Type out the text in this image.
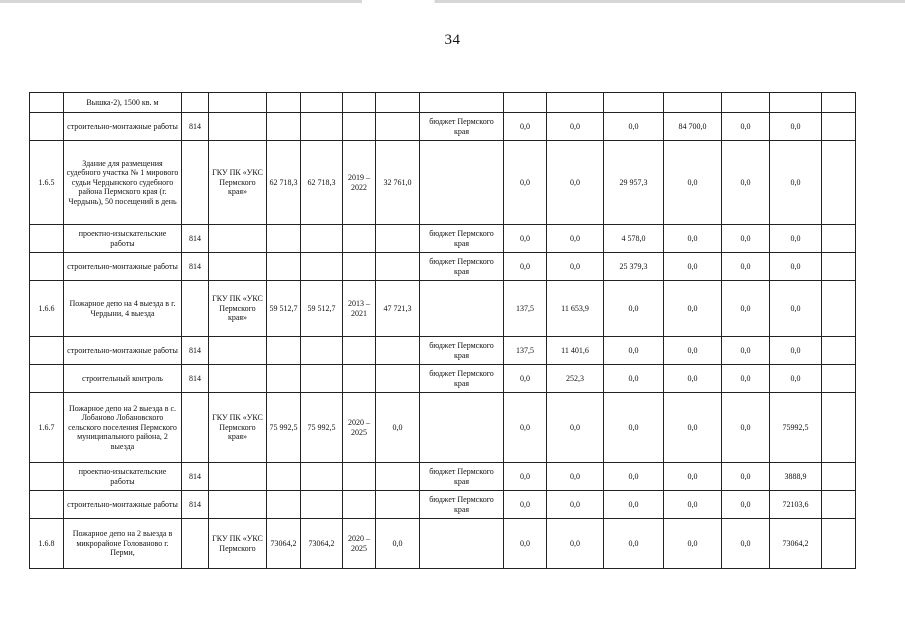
34
	Вышка-2), 1500 кв. м														
	строительно-монтажные работы	814						бюджет Пермского края	0,0	0,0	0,0	84 700,0	0,0	0,0	
1.6.5	Здание для размещения судебного участка № 1 мирового судьи Чердынского судебного района Пермского края (г. Чердынь), 50 посещений в день		ГКУ ПК «УКС Пермского края»	62 718,3	62 718,3	2019 – 2022	32 761,0		0,0	0,0	29 957,3	0,0	0,0	0,0	
	проектно-изыскательские работы	814						бюджет Пермского края	0,0	0,0	4 578,0	0,0	0,0	0,0	
	строительно-монтажные работы	814						бюджет Пермского края	0,0	0,0	25 379,3	0,0	0,0	0,0	
1.6.6	Пожарное депо на 4 выезда в г. Чердыни, 4 выезда		ГКУ ПК «УКС Пермского края»	59 512,7	59 512,7	2013 – 2021	47 721,3		137,5	11 653,9	0,0	0,0	0,0	0,0	
	строительно-монтажные работы	814						бюджет Пермского края	137,5	11 401,6	0,0	0,0	0,0	0,0	
	строительный контроль	814						бюджет Пермского края	0,0	252,3	0,0	0,0	0,0	0,0	
1.6.7	Пожарное депо на 2 выезда в с. Лобаново Лобановского сельского поселения Пермского муниципального района, 2 выезда		ГКУ ПК «УКС Пермского края»	75 992,5	75 992,5	2020 – 2025	0,0		0,0	0,0	0,0	0,0	0,0	75992,5	
	проектно-изыскательские работы	814						бюджет Пермского края	0,0	0,0	0,0	0,0	0,0	3888,9	
	строительно-монтажные работы	814						бюджет Пермского края	0,0	0,0	0,0	0,0	0,0	72103,6	
1.6.8	Пожарное депо на 2 выезда в микрорайоне Голованово г. Перми,		ГКУ ПК «УКС Пермского	73064,2	73064,2	2020 – 2025	0,0		0,0	0,0	0,0	0,0	0,0	73064,2	
